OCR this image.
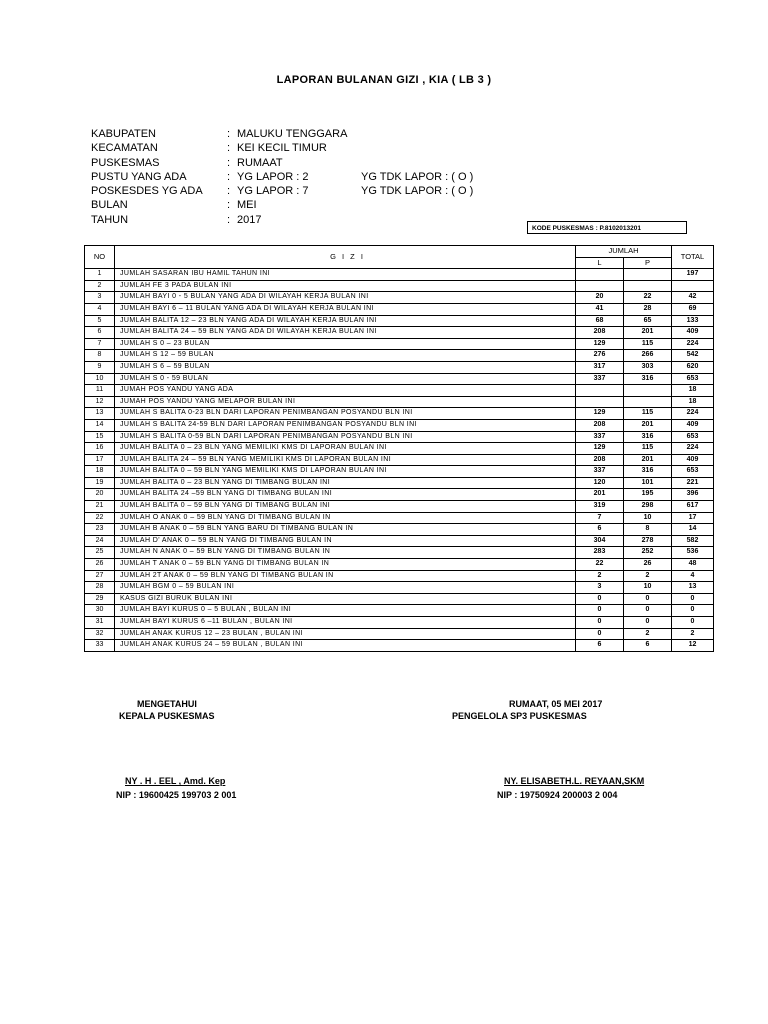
LAPORAN BULANAN GIZI , KIA ( LB 3 )
KABUPATEN	: MALUKU TENGGARA
KECAMATAN	: KEI KECIL TIMUR
PUSKESMAS	: RUMAAT
PUSTU YANG ADA	: YG LAPOR : 2	YG TDK LAPOR : ( O )
POSKESDES YG ADA : YG LAPOR : 7	YG TDK LAPOR : ( O )
BULAN	: MEI
TAHUN	: 2017
KODE PUSKESMAS : P.8102013201
NO	G I Z I	JUMLAH		TOTAL
		L	P	
1	JUMLAH SASARAN IBU HAMIL TAHUN INI			197
2	JUMLAH FE 3 PADA BULAN INI			
3	JUMLAH BAYI 0 - 5 BULAN YANG ADA DI WILAYAH KERJA BULAN INI	20	22	42
4	JUMLAH BAYI 6 – 11 BULAN YANG ADA DI WILAYAH KERJA BULAN INI	41	28	69
5	JUMLAH BALITA 12 – 23 BLN YANG ADA DI WILAYAH KERJA BULAN INI	68	65	133
6	JUMLAH BALITA 24 – 59 BLN YANG ADA DI WILAYAH KERJA BULAN INI	208	201	409
7	JUMLAH S 0 – 23 BULAN	129	115	224
8	JUMLAH S 12 – 59 BULAN	276	266	542
9	JUMLAH S 6 – 59 BULAN	317	303	620
10	JUMLAH S 0 - 59 BULAN	337	316	653
11	JUMAH POS YANDU YANG ADA			18
12	JUMAH POS YANDU YANG MELAPOR BULAN INI			18
13	JUMLAH S BALITA 0-23 BLN DARI LAPORAN PENIMBANGAN POSYANDU BLN INI	129	115	224
14	JUMLAH S BALITA 24-59 BLN DARI LAPORAN PENIMBANGAN POSYANDU BLN INI	208	201	409
15	JUMLAH S BALITA 0-59 BLN DARI LAPORAN PENIMBANGAN POSYANDU BLN INI	337	316	653
16	JUMLAH BALITA 0 – 23 BLN YANG MEMILIKI KMS DI LAPORAN BULAN INI	129	115	224
17	JUMLAH BALITA 24 – 59 BLN YANG MEMILIKI KMS DI LAPORAN BULAN INI	208	201	409
18	JUMLAH BALITA 0 – 59 BLN YANG MEMILIKI KMS DI LAPORAN BULAN INI	337	316	653
19	JUMLAH BALITA 0 – 23 BLN YANG DI TIMBANG BULAN INI	120	101	221
20	JUMLAH BALITA 24 –59 BLN YANG DI TIMBANG BULAN INI	201	195	396
21	JUMLAH BALITA 0 – 59 BLN YANG DI TIMBANG BULAN INI	319	298	617
22	JUMLAH O ANAK 0 – 59 BLN YANG DI TIMBANG BULAN IN	7	10	17
23	JUMLAH B ANAK 0 – 59 BLN YANG BARU DI TIMBANG BULAN IN	6	8	14
24	JUMLAH D' ANAK 0 – 59 BLN YANG DI TIMBANG BULAN IN	304	278	582
25	JUMLAH N ANAK 0 – 59 BLN YANG DI TIMBANG BULAN IN	283	252	536
26	JUMLAH T ANAK 0 – 59 BLN YANG DI TIMBANG BULAN IN	22	26	48
27	JUMLAH 2T ANAK 0 – 59 BLN YANG DI TIMBANG BULAN IN	2	2	4
28	JUMLAH BGM 0 – 59 BULAN INI	3	10	13
29	KASUS GIZI BURUK BULAN INI	0	0	0
30	JUMLAH BAYI KURUS 0 – 5 BULAN , BULAN INI	0	0	0
31	JUMLAH BAYI KURUS 6 –11 BULAN , BULAN INI	0	0	0
32	JUMLAH ANAK KURUS 12 – 23 BULAN , BULAN INI	0	2	2
33	JUMLAH ANAK KURUS 24 – 59 BULAN , BULAN INI	6	6	12
MENGETAHUI
KEPALA PUSKESMAS
NY . H . EEL , Amd. Kep
NIP : 19600425 199703 2 001
RUMAAT, 05 MEI 2017
PENGELOLA SP3 PUSKESMAS
NY. ELISABETH.L. REYAAN,SKM
NIP : 19750924 200003 2 004
